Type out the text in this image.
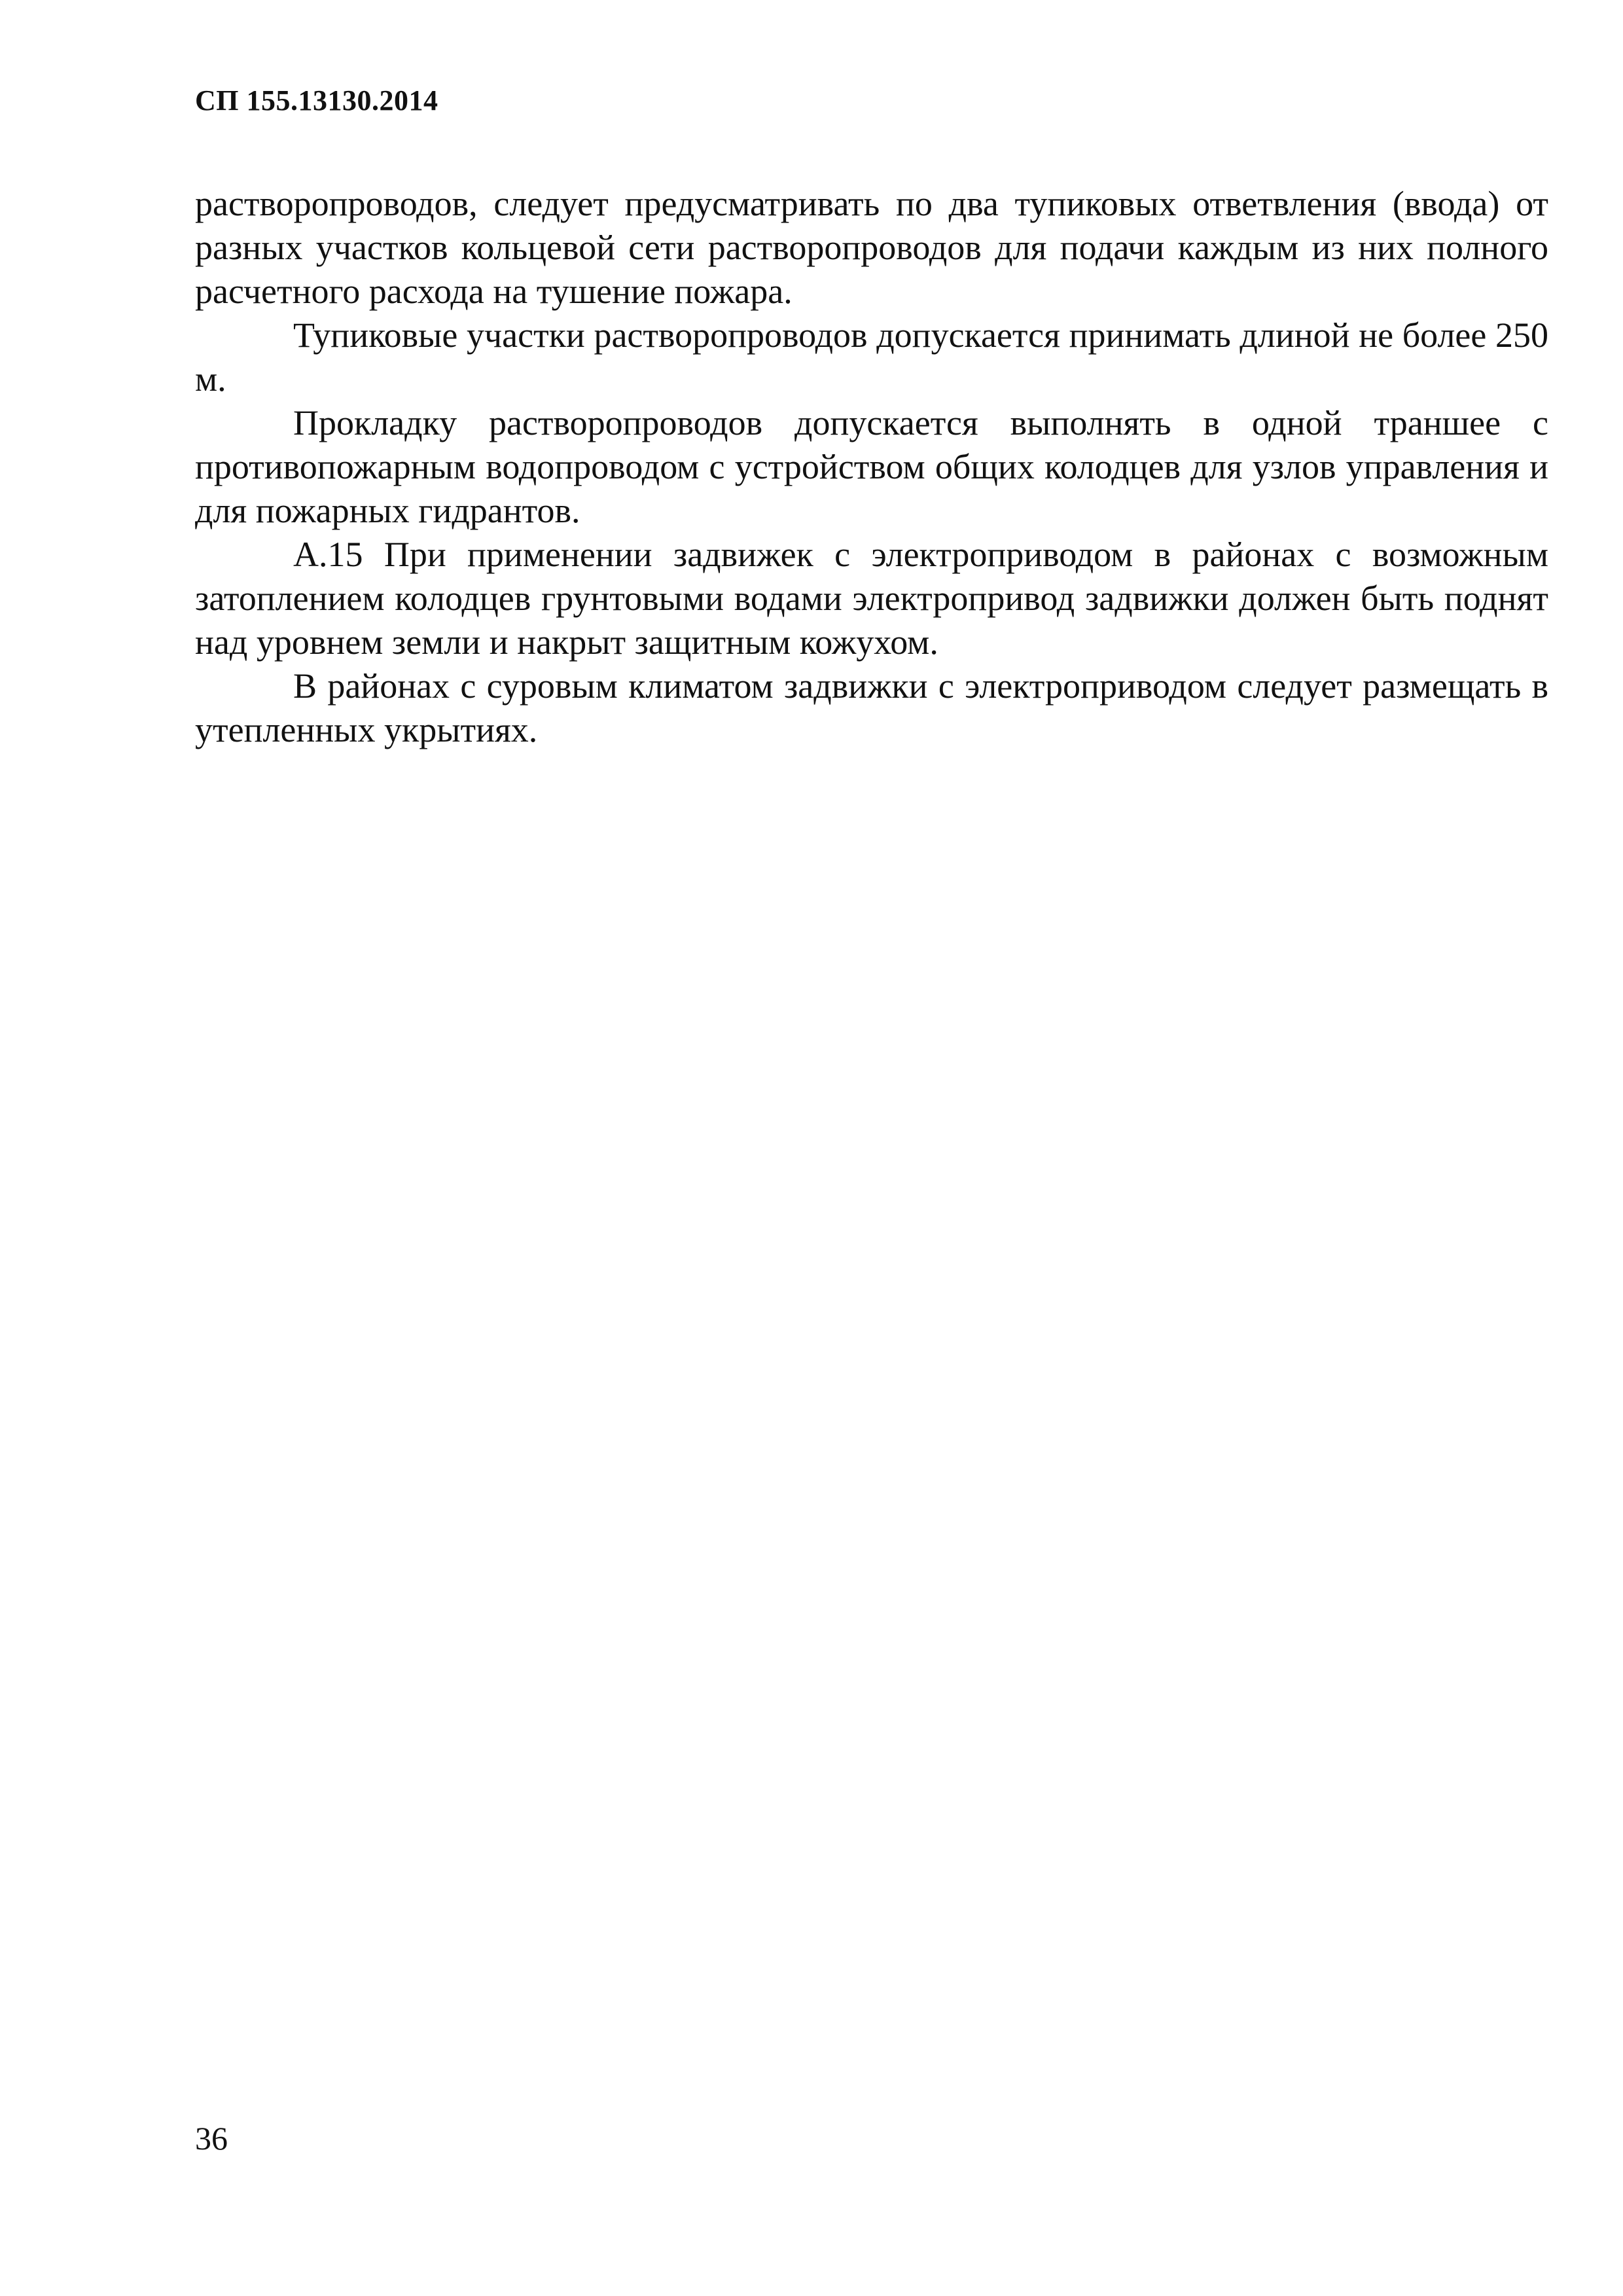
СП 155.13130.2014

растворопроводов, следует предусматривать по два тупиковых ответвления (ввода) от разных участков кольцевой сети растворопроводов для подачи каждым из них полного расчетного расхода на тушение пожара.

Тупиковые участки растворопроводов допускается принимать длиной не более 250 м.

Прокладку растворопроводов допускается выполнять в одной траншее с противопожарным водопроводом с устройством общих колодцев для узлов управления и для пожарных гидрантов.

А.15 При применении задвижек с электроприводом в районах с возможным затоплением колодцев грунтовыми водами электропривод задвижки должен быть поднят над уровнем земли и накрыт защитным кожухом.

В районах с суровым климатом задвижки с электроприводом следует размещать в утепленных укрытиях.

36
